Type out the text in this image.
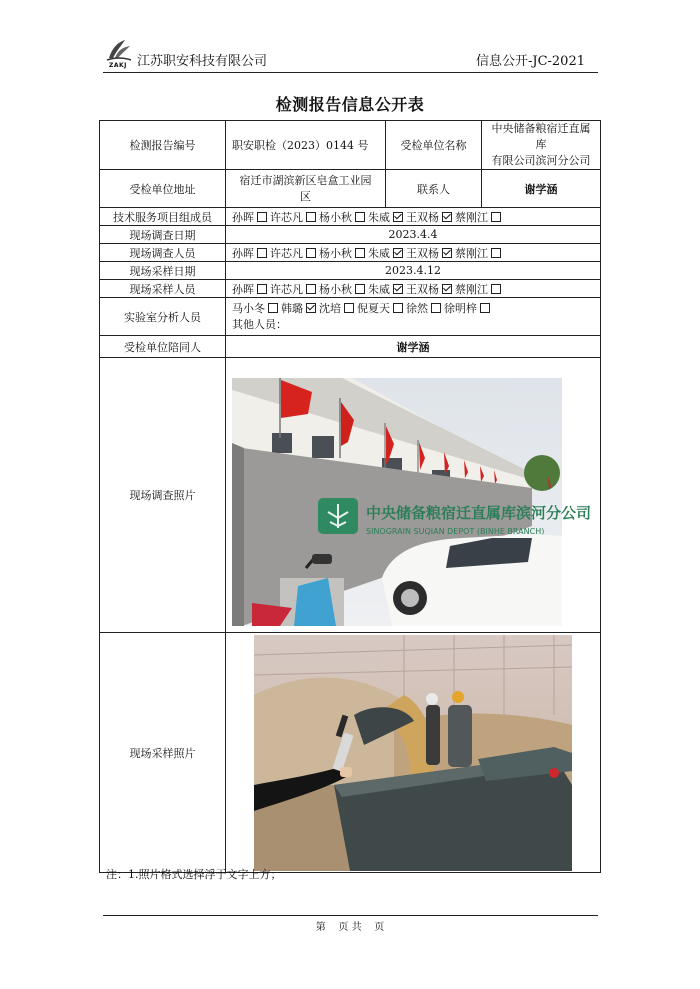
ZAKJ 江苏职安科技有限公司	信息公开-JC-2021
检测报告信息公开表
检测报告编号	职安职检（2023）0144 号	受检单位名称	中央储备粮宿迁直属库
有限公司滨河分公司

受检单位地址	宿迁市湖滨新区皂盒工业园
区	联系人	谢学涵
技术服务项目组成员	孙晖 许芯凡 杨小秋 朱威 王双杨 蔡刚江		
现场调查日期	2023.4.4		
现场调查人员	孙晖 许芯凡 杨小秋 朱威 王双杨 蔡刚江		
现场采样日期	2023.4.12		
现场采样人员	孙晖 许芯凡 杨小秋 朱威 王双杨 蔡刚江		
实验室分析人员	马小冬 韩璐 沈培 倪夏天 徐然 徐明梓
其他人员：		

受检单位陪同人	谢学涵		
现场调查照片	中央储备粮宿迁直属库滨河分公司
SINOGRAIN SUQIAN DEPOT (BINHE BRANCH)		

现场采样照片	
注：1.照片格式选择浮于文字上方；
第    页 共    页
